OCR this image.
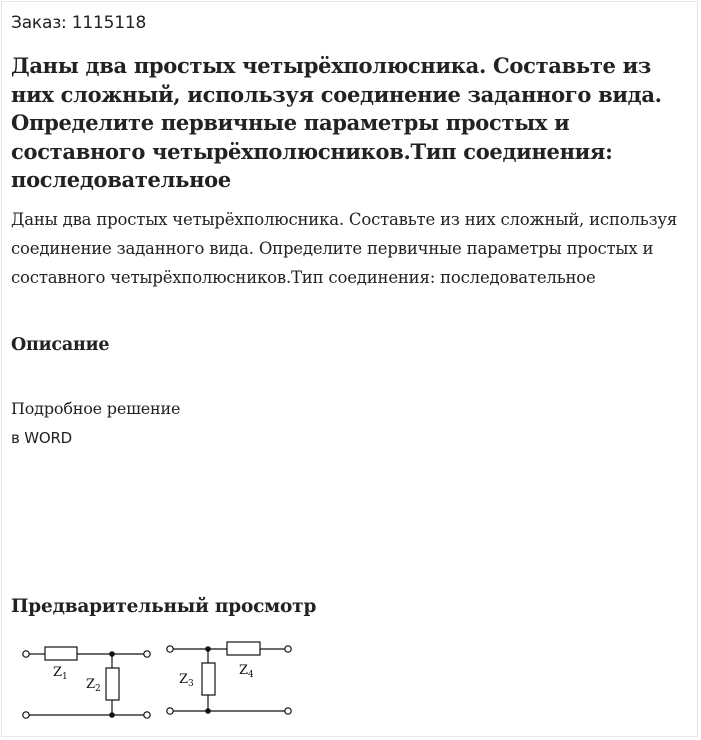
Заказ: 1115118
Даны два простых четырёхполюсника. Составьте из них сложный, используя соединение заданного вида. Определите первичные параметры простых и составного четырёхполюсников.Тип соединения: последовательное

Даны два простых четырёхполюсника. Составьте из них сложный, используя соединение заданного вида. Определите первичные параметры простых и составного четырёхполюсников.Тип соединения: последовательное

Описание
Подробное решение
в WORD
Предварительный просмотр
$Z_1$ $Z_2$
$Z_3$
$Z_4$
